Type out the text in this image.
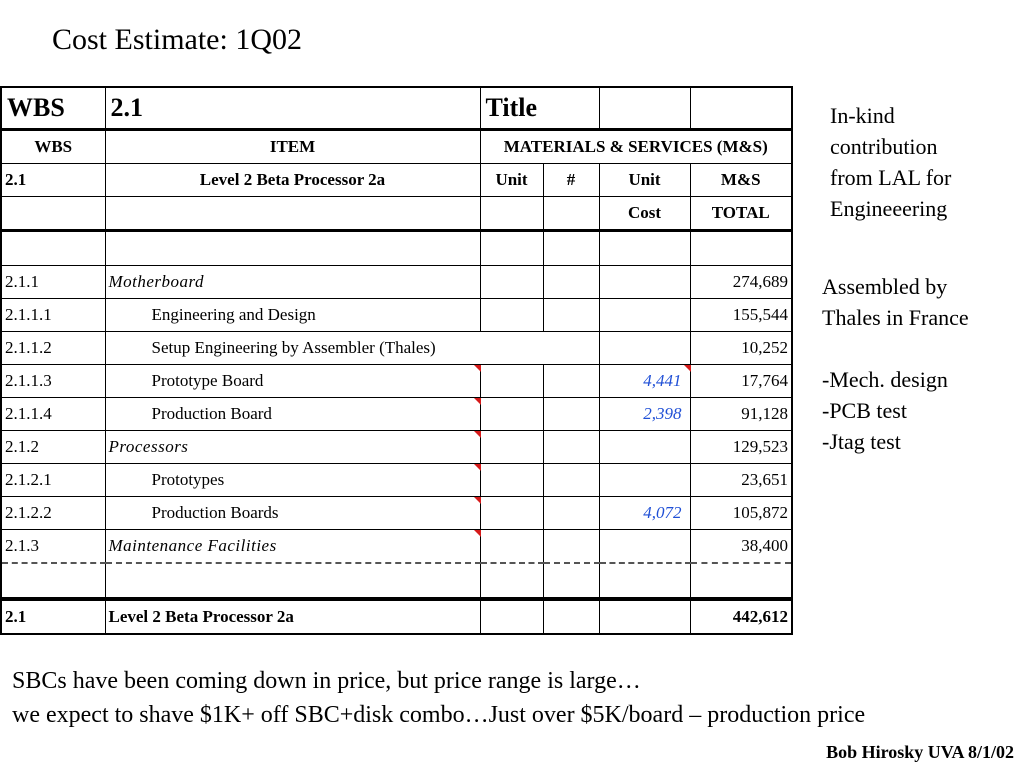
Cost Estimate: 1Q02
WBS	2.1	Title			
WBS	ITEM	MATERIALS & SERVICES (M&S)			
2.1	Level 2 Beta Processor 2a	Unit	#	Unit	M&S
				Cost	TOTAL

2.1.1	Motherboard				274,689
2.1.1.1	Engineering and Design				155,544
2.1.1.2	Setup Engineering by Assembler (Thales)				10,252
2.1.1.3	Prototype Board			4,441	17,764
2.1.1.4	Production Board			2,398	91,128
2.1.2	Processors				129,523
2.1.2.1	Prototypes				23,651
2.1.2.2	Production Boards			4,072	105,872
2.1.3	Maintenance Facilities				38,400

2.1	Level 2 Beta Processor 2a				442,612
In-kind
contribution
from LAL for
Engineeering
Assembled by
Thales in France
-Mech. design
-PCB test
-Jtag test
SBCs have been coming down in price, but price range is large…
we expect to shave $1K+ off SBC+disk combo…Just over $5K/board – production price
Bob Hirosky UVA 8/1/02
